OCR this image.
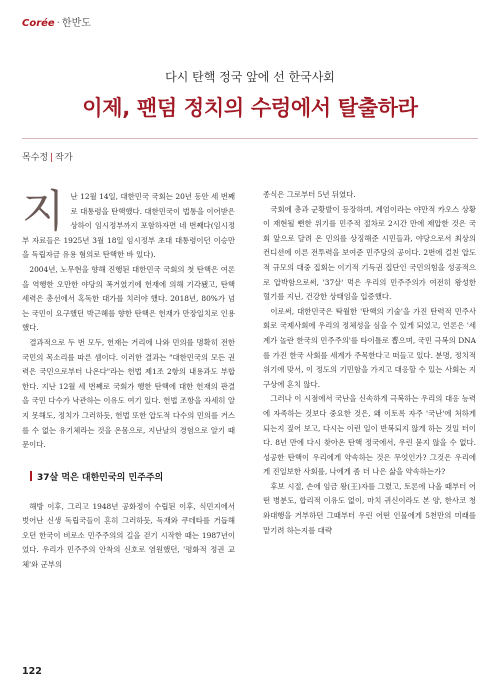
Corée · 한반도
다시 탄핵 정국 앞에 선 한국사회
이제, 팬덤 정치의 수렁에서 탈출하라
목수정 | 작가

지난 12월 14일, 대한민국 국회는 20년 동안 세 번째로 대통령을 탄핵했다. 대한민국이 법통을 이어받은 상하이 임시정부까지 포함하자면 네 번째다(임시정부 자료들은 1925년 3월 18일 임시정부 초대 대통령이던 이승만을 독립자금 유용 혐의로 탄핵한 바 있다).

2004년, 노무현을 향해 진행된 대한민국 국회의 첫 탄핵은 여론을 역행한 오만한 야당의 폭거였기에 헌재에 의해 기각됐고, 탄핵 세력은 총선에서 혹독한 대가를 치러야 했다. 2018년, 80%가 넘는 국민이 요구했던 박근혜를 향한 탄핵은 헌재가 만장일치로 인용했다.

결과적으로 두 번 모두, 헌재는 거리에 나와 민의를 명확히 전한 국민의 목소리를 따른 셈이다. 이러한 결과는 "대한민국의 모든 권력은 국민으로부터 나온다"라는 헌법 제1조 2항의 내용과도 부합한다. 지난 12월 세 번째로 국회가 행한 탄핵에 대한 헌재의 판결을 국민 다수가 낙관하는 이유도 여기 있다. 헌법 조항을 자세히 알지 못해도, 정치가 그러하듯, 헌법 또한 압도적 다수의 민의를 거스를 수 없는 유기체라는 것을 온몸으로, 지난날의 경험으로 알기 때문이다.

37살 먹은 대한민국의 민주주의

해방 이후, 그리고 1948년 공화정이 수립된 이후, 식민지에서 벗어난 신생 독립국들이 흔히 그러하듯, 독재와 쿠데타를 거듭해 오던 한국이 비로소 민주주의의 길을 걷기 시작한 때는 1987년이었다. 우리가 민주주의 안착의 신호로 염원했던, '평화적 정권 교체'와 군부의

종식은 그로부터 5년 뒤였다.

국회에 총과 군홧발이 등장하며, 계엄이라는 야만적 카오스 상황이 재현될 뻔한 위기를 민주적 절차로 2시간 만에 제압한 것은 국회 앞으로 달려 온 민의를 상징해준 시민들과, 야당으로서 최상의 컨디션에 이른 전투력을 보여준 민주당의 공이다. 2번에 걸친 압도적 규모의 대중 집회는 이기적 기득권 집단인 국민의힘을 성공적으로 압박함으로써, '37살' 먹은 우리의 민주주의가 여전히 왕성한 혈기를 지닌, 건강한 상태임을 입증했다.

이로써, 대한민국은 탁월한 '탄핵의 기술'을 가진 탄력적 민주사회로 국제사회에 우리의 정체성을 심을 수 있게 되었고, 언론은 '세계가 놀란 한국의 민주주의'를 타이틀로 뽑으며, 국민 극복의 DNA를 가진 한국 사회를 세계가 주목한다고 떠들고 있다. 분명, 정치적 위기에 맞서, 이 정도의 기민함을 가지고 대응할 수 있는 사회는 지구상에 흔치 않다.

그러나 이 시점에서 국난을 신속하게 극복하는 우리의 대응 능력에 자족하는 것보다 중요한 것은, 왜 이토록 자주 '국난'에 처하게 되는지 짚어 보고, 다시는 이런 일이 반복되지 않게 하는 것일 터이다. 8년 만에 다시 찾아온 탄핵 정국에서, 우린 묻지 않을 수 없다. 성공한 탄핵이 우리에게 약속하는 것은 무엇인가? 그것은 우리에게 진일보한 사회를, 나에게 좀 더 나은 삶을 약속하는가?

후보 시절, 손에 임금 왕(王)자를 그렸고, 토론에 나올 때부터 어떤 병분도, 합리적 이유도 없이, 마치 귀신이라도 본 양, 한사코 청와대행을 거부하던 그때부터 우린 어떤 인물에게 5천만의 미래를 맡기려 하는지를 대략

122
